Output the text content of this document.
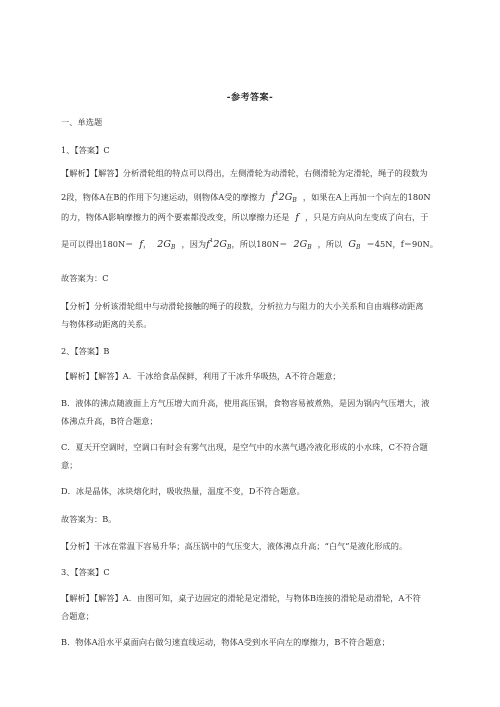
-参考答案-
一、单选题
1、【答案】C
【解析】【解答】分析滑轮组的特点可以得出，左侧滑轮为动滑轮，右侧滑轮为定滑轮，绳子的段数为
2段，物体A在B的作用下匀速运动，则物体A受的摩擦力 $f^12G_B$ ，如果在A上再加一个向左的180N
的力，物体A影响摩擦力的两个要素都没改变，所以摩擦力还是 f ，只是方向从向左变成了向右，于
是可以得出180N＝ f， $2G_B$ ，因为$f^12G_B$，所以$180N= 2G_B$ ，所以 $G_B =45N$，f＝90N。
故答案为：C
【分析】分析该滑轮组中与动滑轮接触的绳子的段数，分析拉力与阻力的大小关系和自由端移动距离
与物体移动距离的关系。
2、【答案】B
【解析】【解答】A．干冰给食品保鲜，利用了干冰升华吸热，A不符合题意；
B．液体的沸点随液面上方气压增大而升高，使用高压锅，食物容易被煮熟，是因为锅内气压增大，液
体沸点升高，B符合题意；
C．夏天开空调时，空调口有时会有雾气出现，是空气中的水蒸气遇冷液化形成的小水珠，C不符合题
意；
D．冰是晶体，冰块熔化时，吸收热量，温度不变，D不符合题意。
故答案为：B。
【分析】干冰在常温下容易升华；高压锅中的气压变大，液体沸点升高；“白气”是液化形成的。
3、【答案】C
【解析】【解答】A．由图可知，桌子边固定的滑轮是定滑轮，与物体B连接的滑轮是动滑轮，A不符
合题意；
B．物体A沿水平桌面向右做匀速直线运动，物体A受到水平向左的摩擦力，B不符合题意；
